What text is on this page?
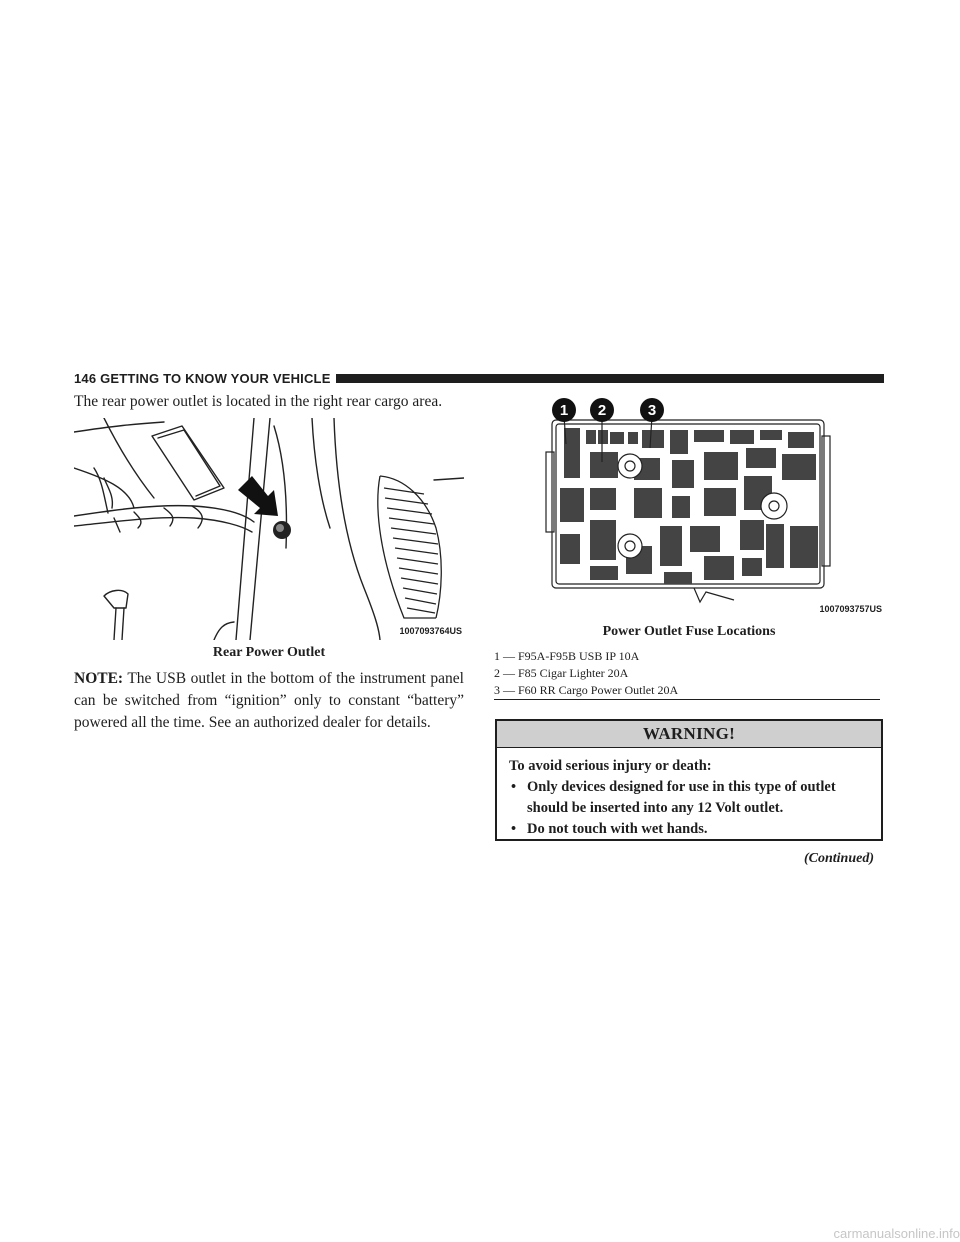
146 GETTING TO KNOW YOUR VEHICLE
The rear power outlet is located in the right rear cargo area.
1007093764US
Rear Power Outlet
NOTE: The USB outlet in the bottom of the instrument panel can be switched from “ignition” only to constant “battery” powered all the time. See an authorized dealer for details.
1 2	3
1007093757US
Power Outlet Fuse Locations
1 — F95A-F95B USB IP 10A
2 — F85 Cigar Lighter 20A
3 — F60 RR Cargo Power Outlet 20A
WARNING!
To avoid serious injury or death:
• Only devices designed for use in this type of outlet should be inserted into any 12 Volt outlet.
• Do not touch with wet hands.
(Continued)
carmanualsonline.info
